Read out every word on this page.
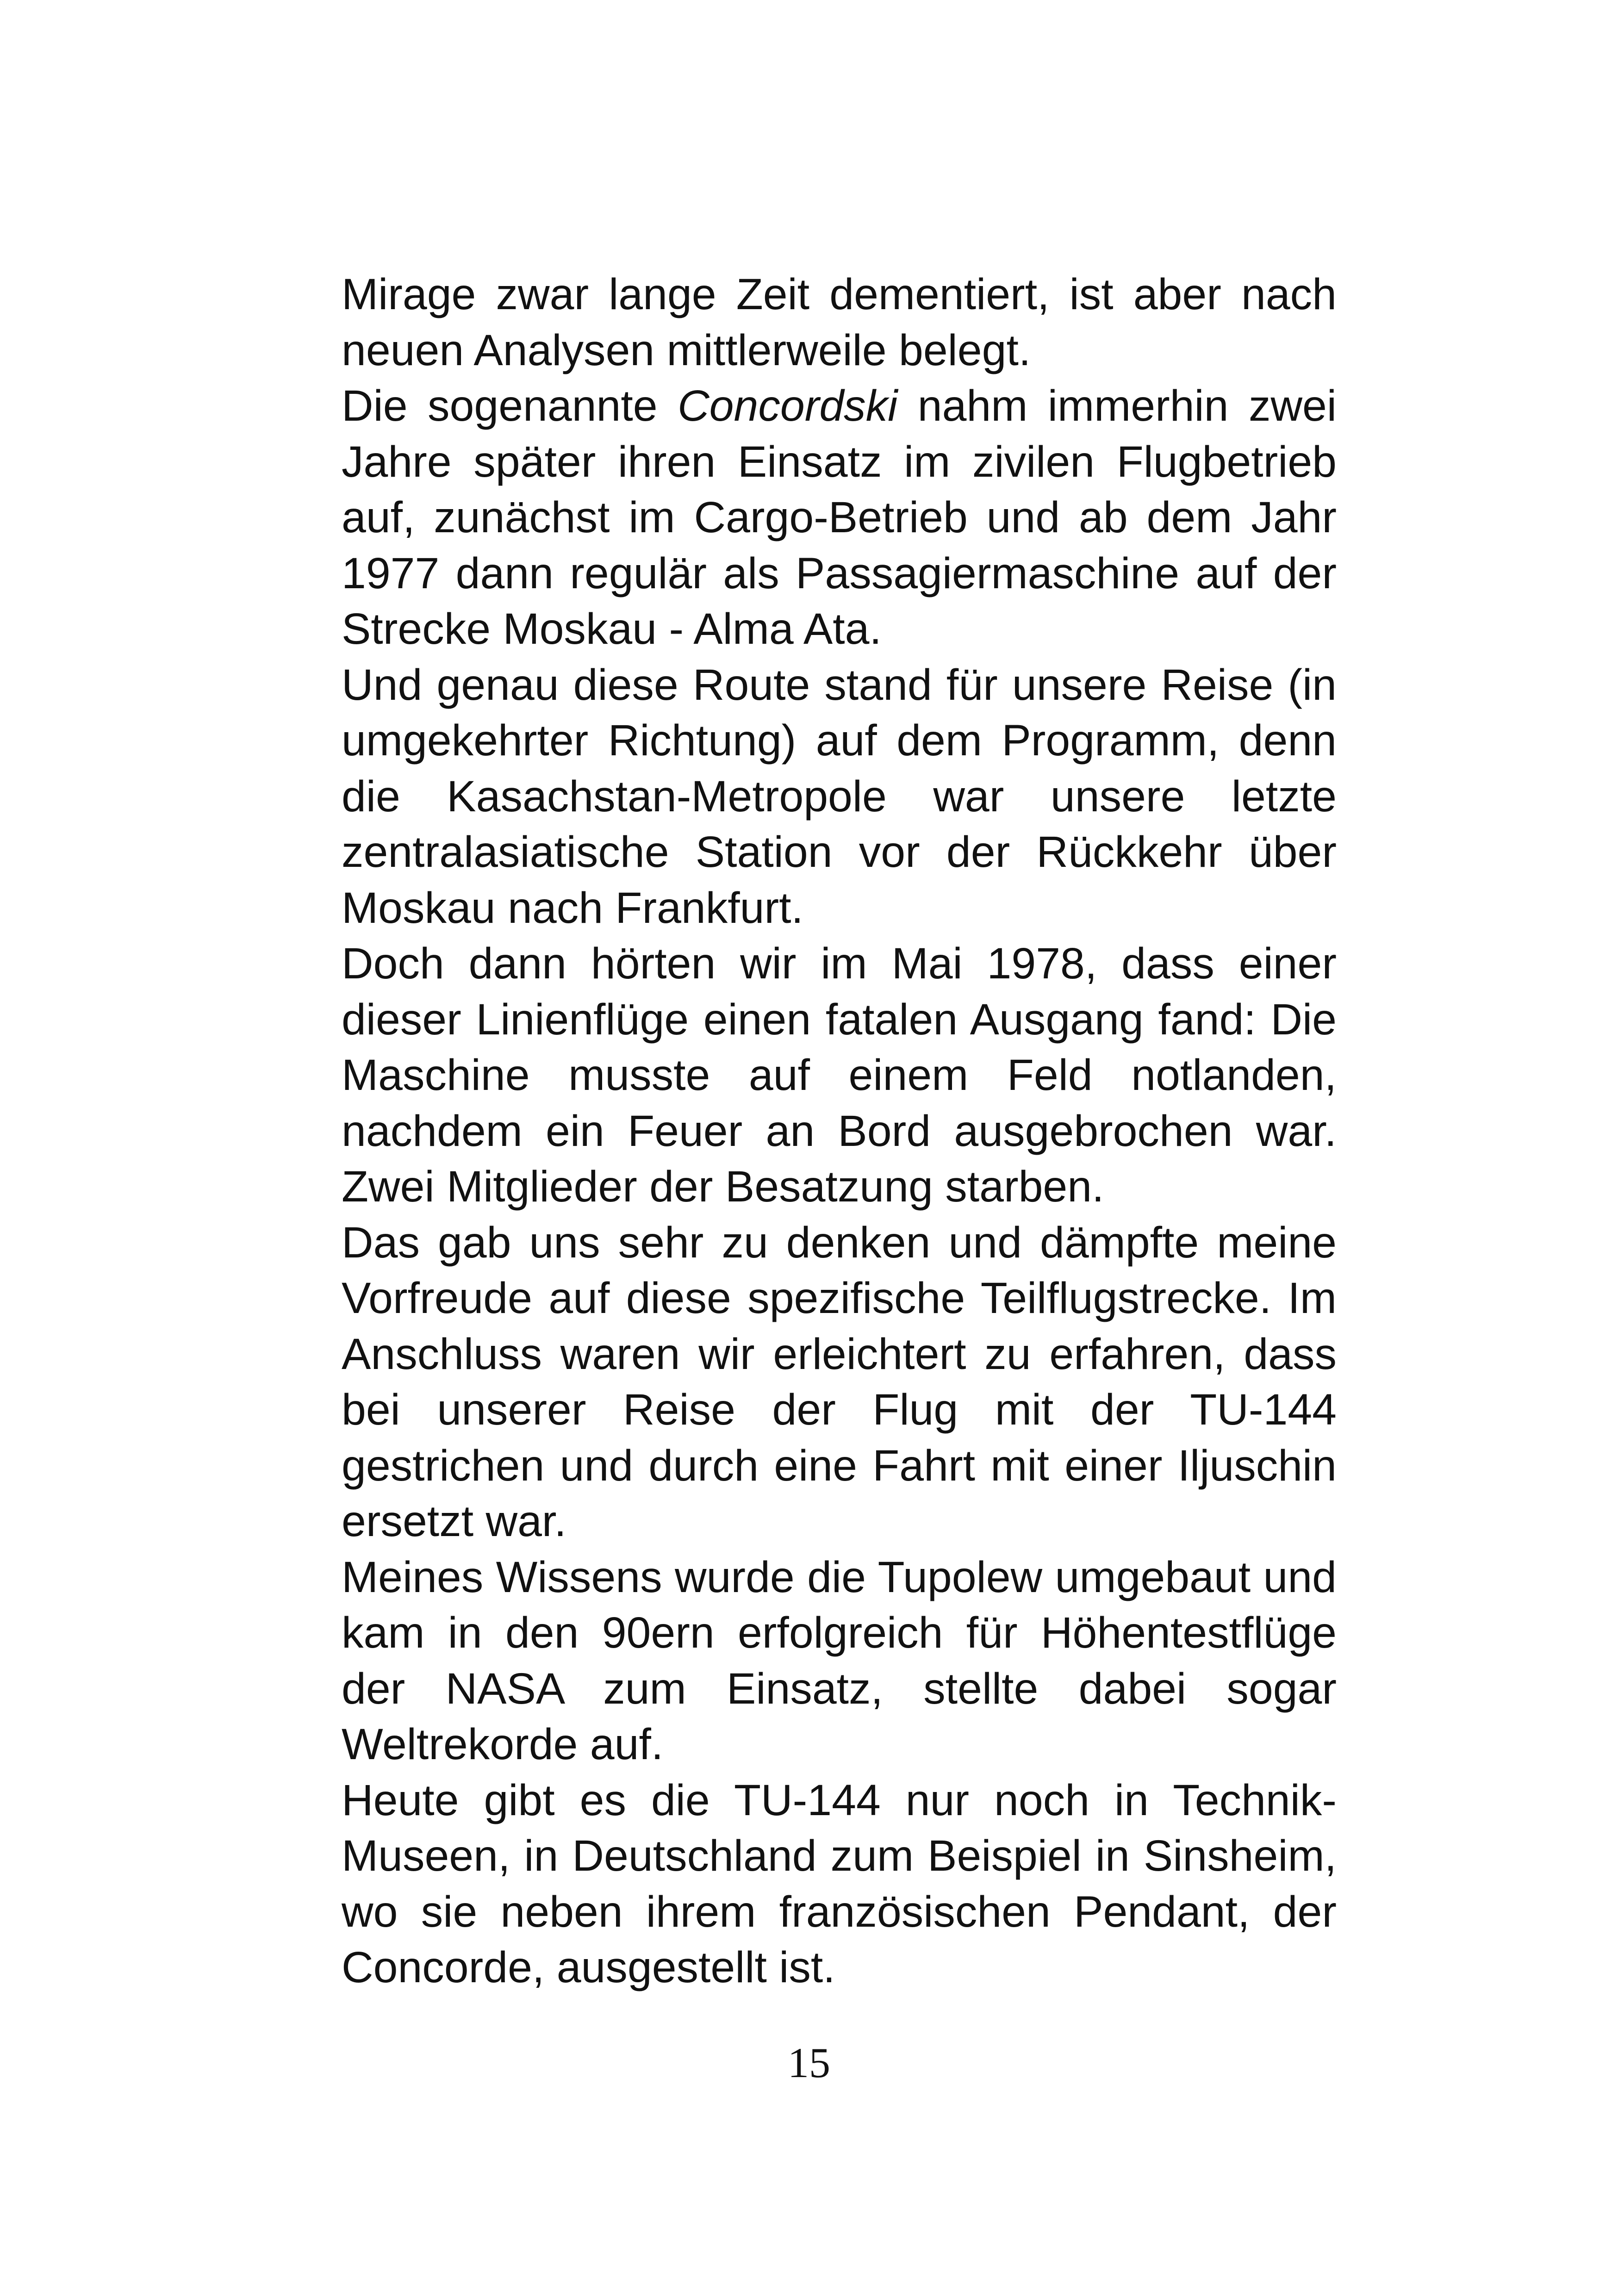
Mirage zwar lange Zeit dementiert, ist aber nach neuen Analysen mittlerweile belegt.

Die sogenannte Concordski nahm immerhin zwei Jahre später ihren Einsatz im zivilen Flugbetrieb auf, zunächst im Cargo-Betrieb und ab dem Jahr 1977 dann regulär als Passagiermaschine auf der Strecke Moskau - Alma Ata.

Und genau diese Route stand für unsere Reise (in umgekehrter Richtung) auf dem Programm, denn die Kasachstan-Metropole war unsere letzte zentralasiatische Station vor der Rückkehr über Moskau nach Frankfurt.

Doch dann hörten wir im Mai 1978, dass einer dieser Linienflüge einen fatalen Ausgang fand: Die Maschine musste auf einem Feld notlanden, nachdem ein Feuer an Bord ausgebrochen war. Zwei Mitglieder der Besatzung starben.

Das gab uns sehr zu denken und dämpfte meine Vorfreude auf diese spezifische Teilflugstrecke. Im Anschluss waren wir erleichtert zu erfahren, dass bei unserer Reise der Flug mit der TU-144 gestrichen und durch eine Fahrt mit einer Iljuschin ersetzt war.

Meines Wissens wurde die Tupolew umgebaut und kam in den 90ern erfolgreich für Höhentestflüge der NASA zum Einsatz, stellte dabei sogar Weltrekorde auf.

Heute gibt es die TU-144 nur noch in Technik-Museen, in Deutschland zum Beispiel in Sinsheim, wo sie neben ihrem französischen Pendant, der Concorde, ausgestellt ist.

15
